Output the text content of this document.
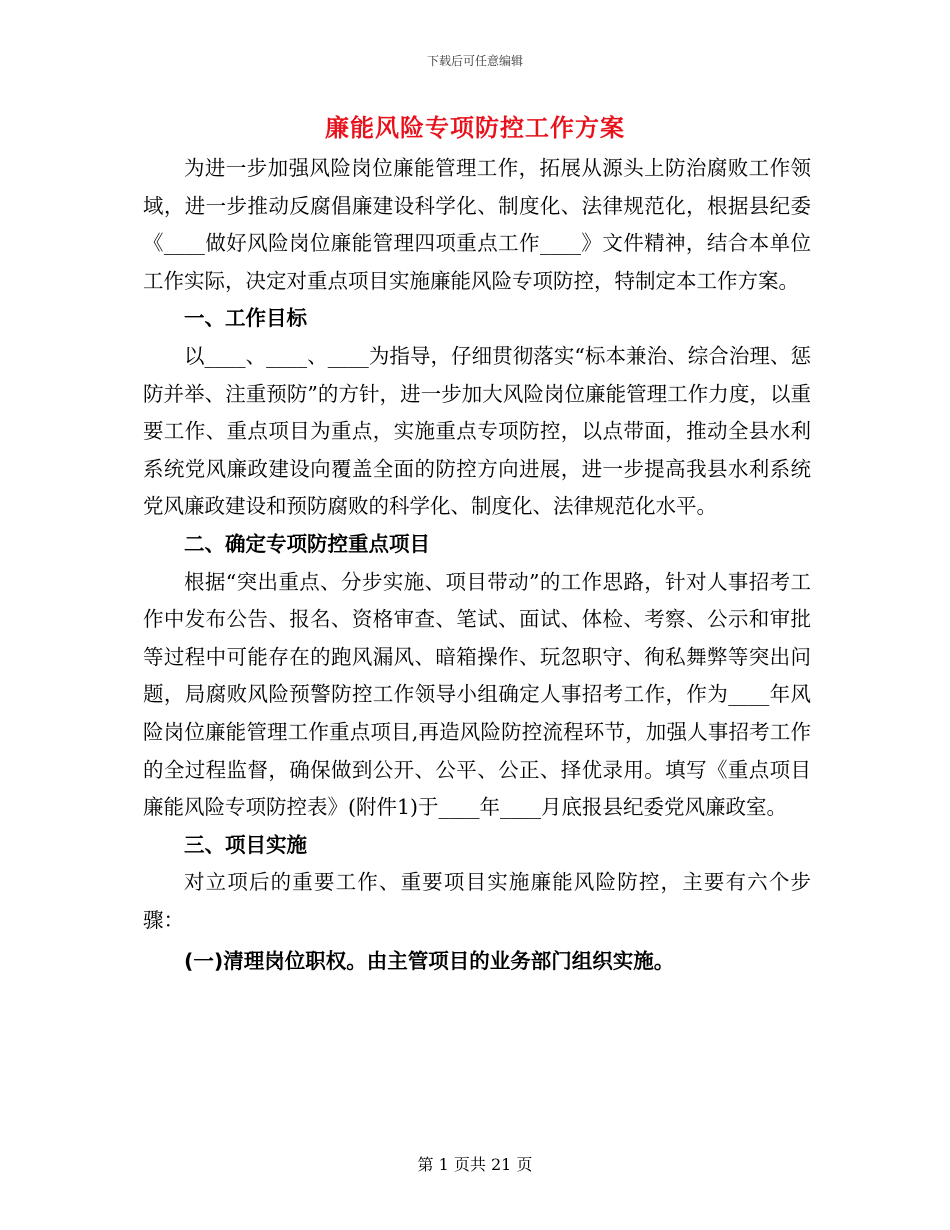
下载后可任意编辑
廉能风险专项防控工作方案

为进一步加强风险岗位廉能管理工作，拓展从源头上防治腐败工作领域，进一步推动反腐倡廉建设科学化、制度化、法律规范化，根据县纪委《____做好风险岗位廉能管理四项重点工作____》文件精神，结合本单位工作实际，决定对重点项目实施廉能风险专项防控，特制定本工作方案。

一、工作目标

以____、____、____为指导，仔细贯彻落实“标本兼治、综合治理、惩防并举、注重预防”的方针，进一步加大风险岗位廉能管理工作力度，以重要工作、重点项目为重点，实施重点专项防控，以点带面，推动全县水利系统党风廉政建设向覆盖全面的防控方向进展，进一步提高我县水利系统党风廉政建设和预防腐败的科学化、制度化、法律规范化水平。

二、确定专项防控重点项目

根据“突出重点、分步实施、项目带动”的工作思路，针对人事招考工作中发布公告、报名、资格审查、笔试、面试、体检、考察、公示和审批等过程中可能存在的跑风漏风、暗箱操作、玩忽职守、徇私舞弊等突出问题，局腐败风险预警防控工作领导小组确定人事招考工作，作为____年风险岗位廉能管理工作重点项目,再造风险防控流程环节，加强人事招考工作的全过程监督，确保做到公开、公平、公正、择优录用。填写《重点项目廉能风险专项防控表》(附件1)于____年____月底报县纪委党风廉政室。

三、项目实施

对立项后的重要工作、重要项目实施廉能风险防控，主要有六个步骤：

(一)清理岗位职权。由主管项目的业务部门组织实施。

第 1 页共 21 页
